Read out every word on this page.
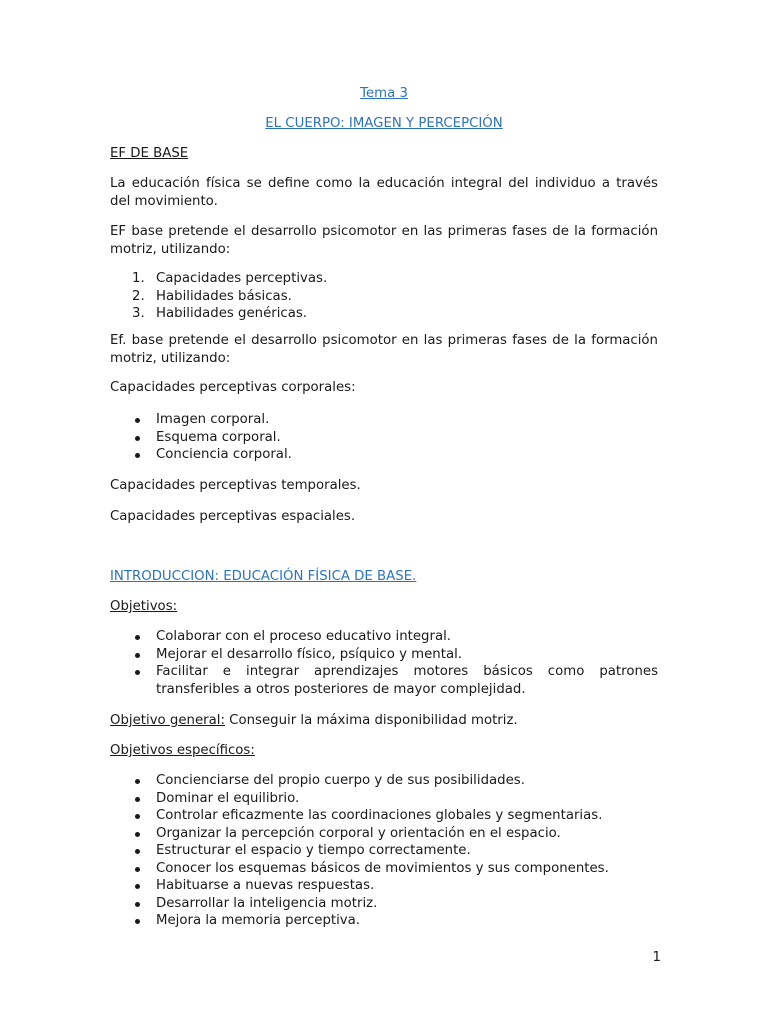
Tema 3

EL CUERPO: IMAGEN Y PERCEPCIÓN

EF DE BASE

La educación física se define como la educación integral del individuo a través del movimiento.

EF base pretende el desarrollo psicomotor en las primeras fases de la formación motriz, utilizando:

1. Capacidades perceptivas.
2. Habilidades básicas.
3. Habilidades genéricas.

Ef. base pretende el desarrollo psicomotor en las primeras fases de la formación motriz, utilizando:

Capacidades perceptivas corporales:

Imagen corporal.
Esquema corporal.
Conciencia corporal.

Capacidades perceptivas temporales.

Capacidades perceptivas espaciales.

INTRODUCCION: EDUCACIÓN FÍSICA DE BASE.

Objetivos:

Colaborar con el proceso educativo integral.
Mejorar el desarrollo físico, psíquico y mental.
Facilitar e integrar aprendizajes motores básicos como patrones transferibles a otros posteriores de mayor complejidad.

Objetivo general: Conseguir la máxima disponibilidad motriz.

Objetivos específicos:

Concienciarse del propio cuerpo y de sus posibilidades.
Dominar el equilibrio.
Controlar eficazmente las coordinaciones globales y segmentarias.
Organizar la percepción corporal y orientación en el espacio.
Estructurar el espacio y tiempo correctamente.
Conocer los esquemas básicos de movimientos y sus componentes.
Habituarse a nuevas respuestas.
Desarrollar la inteligencia motriz.
Mejora la memoria perceptiva.
1
